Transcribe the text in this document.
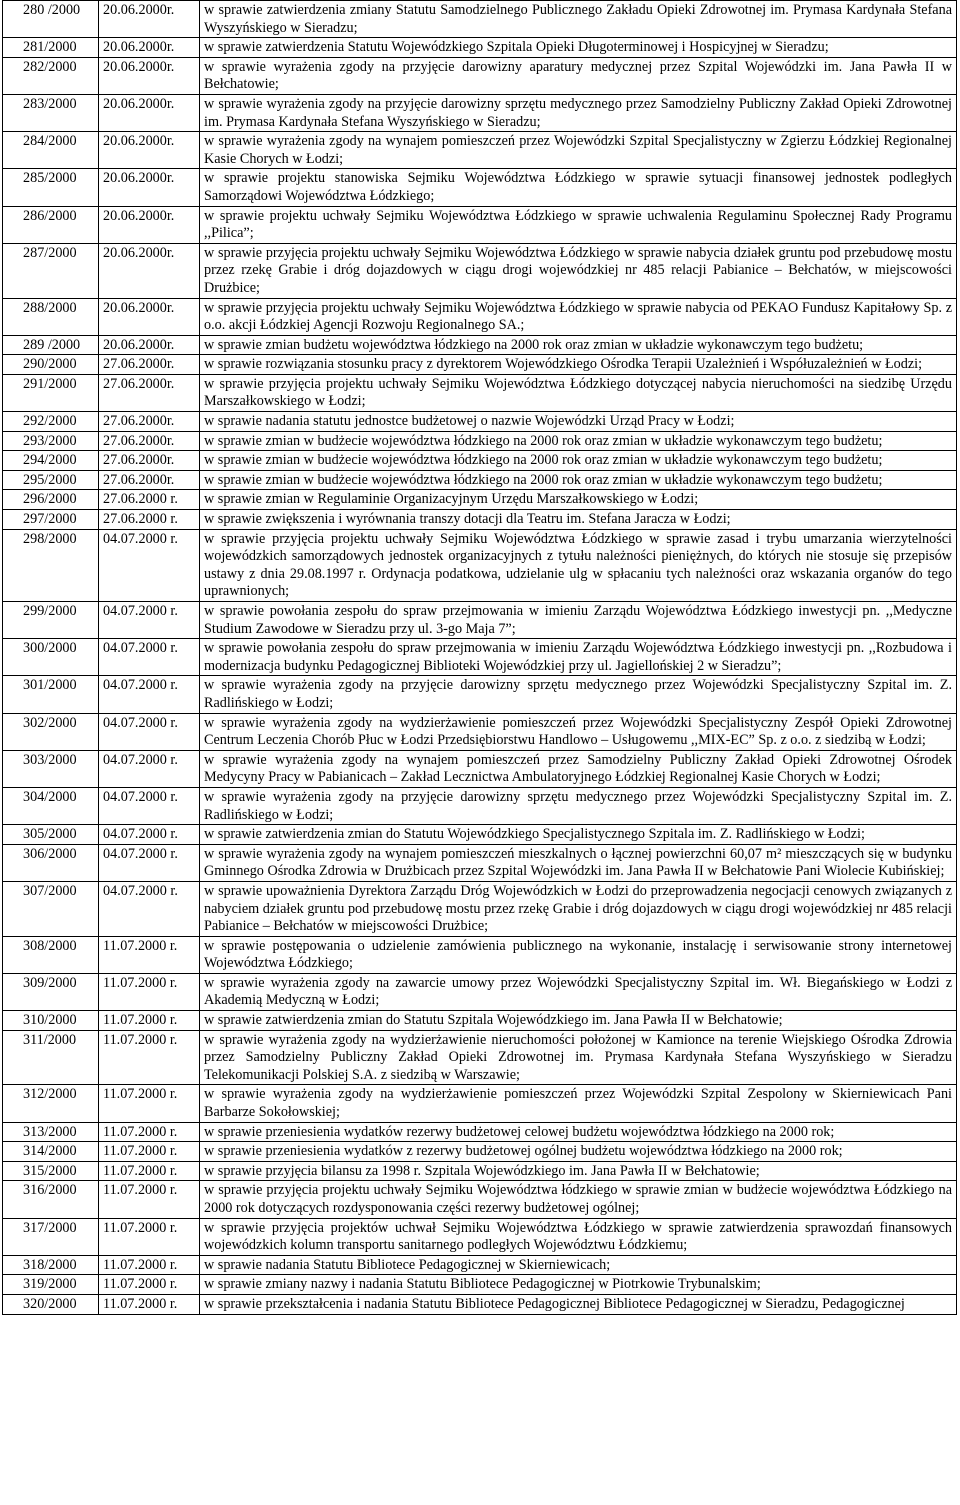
280 /2000	20.06.2000r.	w sprawie zatwierdzenia zmiany Statutu Samodzielnego Publicznego Zakładu Opieki Zdrowotnej im. Prymasa Kardynała Stefana Wyszyńskiego w Sieradzu;
281/2000	20.06.2000r.	w sprawie zatwierdzenia Statutu Wojewódzkiego Szpitala Opieki Długoterminowej i Hospicyjnej w Sieradzu;
282/2000	20.06.2000r.	w sprawie wyrażenia zgody na przyjęcie darowizny aparatury medycznej przez Szpital Wojewódzki im. Jana Pawła II w Bełchatowie;
283/2000	20.06.2000r.	w sprawie wyrażenia zgody na przyjęcie darowizny sprzętu medycznego przez Samodzielny Publiczny Zakład Opieki Zdrowotnej im. Prymasa Kardynała Stefana Wyszyńskiego w Sieradzu;
284/2000	20.06.2000r.	w sprawie wyrażenia zgody na wynajem pomieszczeń przez Wojewódzki Szpital Specjalistyczny w Zgierzu Łódzkiej Regionalnej Kasie Chorych w Łodzi;
285/2000	20.06.2000r.	w sprawie projektu stanowiska Sejmiku Województwa Łódzkiego w sprawie sytuacji finansowej jednostek podległych Samorządowi Województwa Łódzkiego;
286/2000	20.06.2000r.	w sprawie projektu uchwały Sejmiku Województwa Łódzkiego w sprawie uchwalenia Regulaminu Społecznej Rady Programu ,,Pilica”;
287/2000	20.06.2000r.	w sprawie przyjęcia projektu uchwały Sejmiku Województwa Łódzkiego w sprawie nabycia działek gruntu pod przebudowę mostu przez rzekę Grabie i dróg dojazdowych w ciągu drogi wojewódzkiej nr 485 relacji Pabianice – Bełchatów, w miejscowości Drużbice;
288/2000	20.06.2000r.	w sprawie przyjęcia projektu uchwały Sejmiku Województwa Łódzkiego w sprawie nabycia od PEKAO Fundusz Kapitałowy Sp. z o.o. akcji Łódzkiej Agencji Rozwoju Regionalnego SA.;
289 /2000	20.06.2000r.	w sprawie zmian budżetu województwa łódzkiego na 2000 rok oraz zmian w układzie wykonawczym tego budżetu;
290/2000	27.06.2000r.	w sprawie rozwiązania stosunku pracy z dyrektorem Wojewódzkiego Ośrodka Terapii Uzależnień i Współuzależnień w Łodzi;
291/2000	27.06.2000r.	w sprawie przyjęcia projektu uchwały Sejmiku Województwa Łódzkiego dotyczącej nabycia nieruchomości na siedzibę Urzędu Marszałkowskiego w Łodzi;
292/2000	27.06.2000r.	w sprawie nadania statutu jednostce budżetowej o nazwie Wojewódzki Urząd Pracy w Łodzi;
293/2000	27.06.2000r.	w sprawie zmian w budżecie województwa łódzkiego na 2000 rok oraz zmian w układzie wykonawczym tego budżetu;
294/2000	27.06.2000r.	w sprawie zmian w budżecie województwa łódzkiego na 2000 rok oraz zmian w układzie wykonawczym tego budżetu;
295/2000	27.06.2000r.	w sprawie zmian w budżecie województwa łódzkiego na 2000 rok oraz zmian w układzie wykonawczym tego budżetu;
296/2000	27.06.2000 r.	w sprawie zmian w Regulaminie Organizacyjnym Urzędu Marszałkowskiego w Łodzi;
297/2000	27.06.2000 r.	w sprawie zwiększenia i wyrównania transzy dotacji dla Teatru im. Stefana Jaracza w Łodzi;
298/2000	04.07.2000 r.	w sprawie przyjęcia projektu uchwały Sejmiku Województwa Łódzkiego w sprawie zasad i trybu umarzania wierzytelności wojewódzkich samorządowych jednostek organizacyjnych z tytułu należności pieniężnych, do których nie stosuje się przepisów ustawy z dnia 29.08.1997 r. Ordynacja podatkowa, udzielanie ulg w spłacaniu tych należności oraz wskazania organów do tego uprawnionych;
299/2000	04.07.2000 r.	w sprawie powołania zespołu do spraw przejmowania w imieniu Zarządu Województwa Łódzkiego inwestycji pn. ,,Medyczne Studium Zawodowe w Sieradzu przy ul. 3-go Maja 7”;
300/2000	04.07.2000 r.	w sprawie powołania zespołu do spraw przejmowania w imieniu Zarządu Województwa Łódzkiego inwestycji pn. ,,Rozbudowa i modernizacja budynku Pedagogicznej Biblioteki Wojewódzkiej przy ul. Jagiellońskiej 2 w Sieradzu”;
301/2000	04.07.2000 r.	w sprawie wyrażenia zgody na przyjęcie darowizny sprzętu medycznego przez Wojewódzki Specjalistyczny Szpital im. Z. Radlińskiego w Łodzi;
302/2000	04.07.2000 r.	w sprawie wyrażenia zgody na wydzierżawienie pomieszczeń przez Wojewódzki Specjalistyczny Zespół Opieki Zdrowotnej Centrum Leczenia Chorób Płuc w Łodzi Przedsiębiorstwu Handlowo – Usługowemu ,,MIX-EC” Sp. z o.o. z siedzibą w Łodzi;
303/2000	04.07.2000 r.	w sprawie wyrażenia zgody na wynajem pomieszczeń przez Samodzielny Publiczny Zakład Opieki Zdrowotnej Ośrodek Medycyny Pracy w Pabianicach – Zakład Lecznictwa Ambulatoryjnego Łódzkiej Regionalnej Kasie Chorych w Łodzi;
304/2000	04.07.2000 r.	w sprawie wyrażenia zgody na przyjęcie darowizny sprzętu medycznego przez Wojewódzki Specjalistyczny Szpital im. Z. Radlińskiego w Łodzi;
305/2000	04.07.2000 r.	w sprawie zatwierdzenia zmian do Statutu Wojewódzkiego Specjalistycznego Szpitala im. Z. Radlińskiego w Łodzi;
306/2000	04.07.2000 r.	w sprawie wyrażenia zgody na wynajem pomieszczeń mieszkalnych o łącznej powierzchni 60,07 m² mieszczących się w budynku Gminnego Ośrodka Zdrowia w Drużbicach przez Szpital Wojewódzki im. Jana Pawła II w Bełchatowie Pani Wiolecie Kubińskiej;
307/2000	04.07.2000 r.	w sprawie upoważnienia Dyrektora Zarządu Dróg Wojewódzkich w Łodzi do przeprowadzenia negocjacji cenowych związanych z nabyciem działek gruntu pod przebudowę mostu przez rzekę Grabie i dróg dojazdowych w ciągu drogi wojewódzkiej nr 485 relacji Pabianice – Bełchatów w miejscowości Drużbice;
308/2000	11.07.2000 r.	w sprawie postępowania o udzielenie zamówienia publicznego na wykonanie, instalację i serwisowanie strony internetowej Województwa Łódzkiego;
309/2000	11.07.2000 r.	w sprawie wyrażenia zgody na zawarcie umowy przez Wojewódzki Specjalistyczny Szpital im. Wł. Biegańskiego w Łodzi z Akademią Medyczną w Łodzi;
310/2000	11.07.2000 r.	w sprawie zatwierdzenia zmian do Statutu Szpitala Wojewódzkiego im. Jana Pawła II w Bełchatowie;
311/2000	11.07.2000 r.	w sprawie wyrażenia zgody na wydzierżawienie nieruchomości położonej w Kamionce na terenie Wiejskiego Ośrodka Zdrowia przez Samodzielny Publiczny Zakład Opieki Zdrowotnej im. Prymasa Kardynała Stefana Wyszyńskiego w Sieradzu Telekomunikacji Polskiej S.A. z siedzibą w Warszawie;
312/2000	11.07.2000 r.	w sprawie wyrażenia zgody na wydzierżawienie pomieszczeń przez Wojewódzki Szpital Zespolony w Skierniewicach Pani Barbarze Sokołowskiej;
313/2000	11.07.2000 r.	w sprawie przeniesienia wydatków rezerwy budżetowej celowej budżetu województwa łódzkiego na 2000 rok;
314/2000	11.07.2000 r.	w sprawie przeniesienia wydatków z rezerwy budżetowej ogólnej budżetu województwa łódzkiego na 2000 rok;
315/2000	11.07.2000 r.	w sprawie przyjęcia bilansu za 1998 r. Szpitala Wojewódzkiego im. Jana Pawła II w Bełchatowie;
316/2000	11.07.2000 r.	w sprawie przyjęcia projektu uchwały Sejmiku Województwa łódzkiego w sprawie zmian w budżecie województwa Łódzkiego na 2000 rok dotyczących rozdysponowania części rezerwy budżetowej ogólnej;
317/2000	11.07.2000 r.	w sprawie przyjęcia projektów uchwał Sejmiku Województwa Łódzkiego w sprawie zatwierdzenia sprawozdań finansowych wojewódzkich kolumn transportu sanitarnego podległych Województwu Łódzkiemu;
318/2000	11.07.2000 r.	w sprawie nadania Statutu Bibliotece Pedagogicznej w Skierniewicach;
319/2000	11.07.2000 r.	w sprawie zmiany nazwy i nadania Statutu Bibliotece Pedagogicznej w Piotrkowie Trybunalskim;
320/2000	11.07.2000 r.	w sprawie przekształcenia i nadania Statutu Bibliotece Pedagogicznej Bibliotece Pedagogicznej w Sieradzu, Pedagogicznej
